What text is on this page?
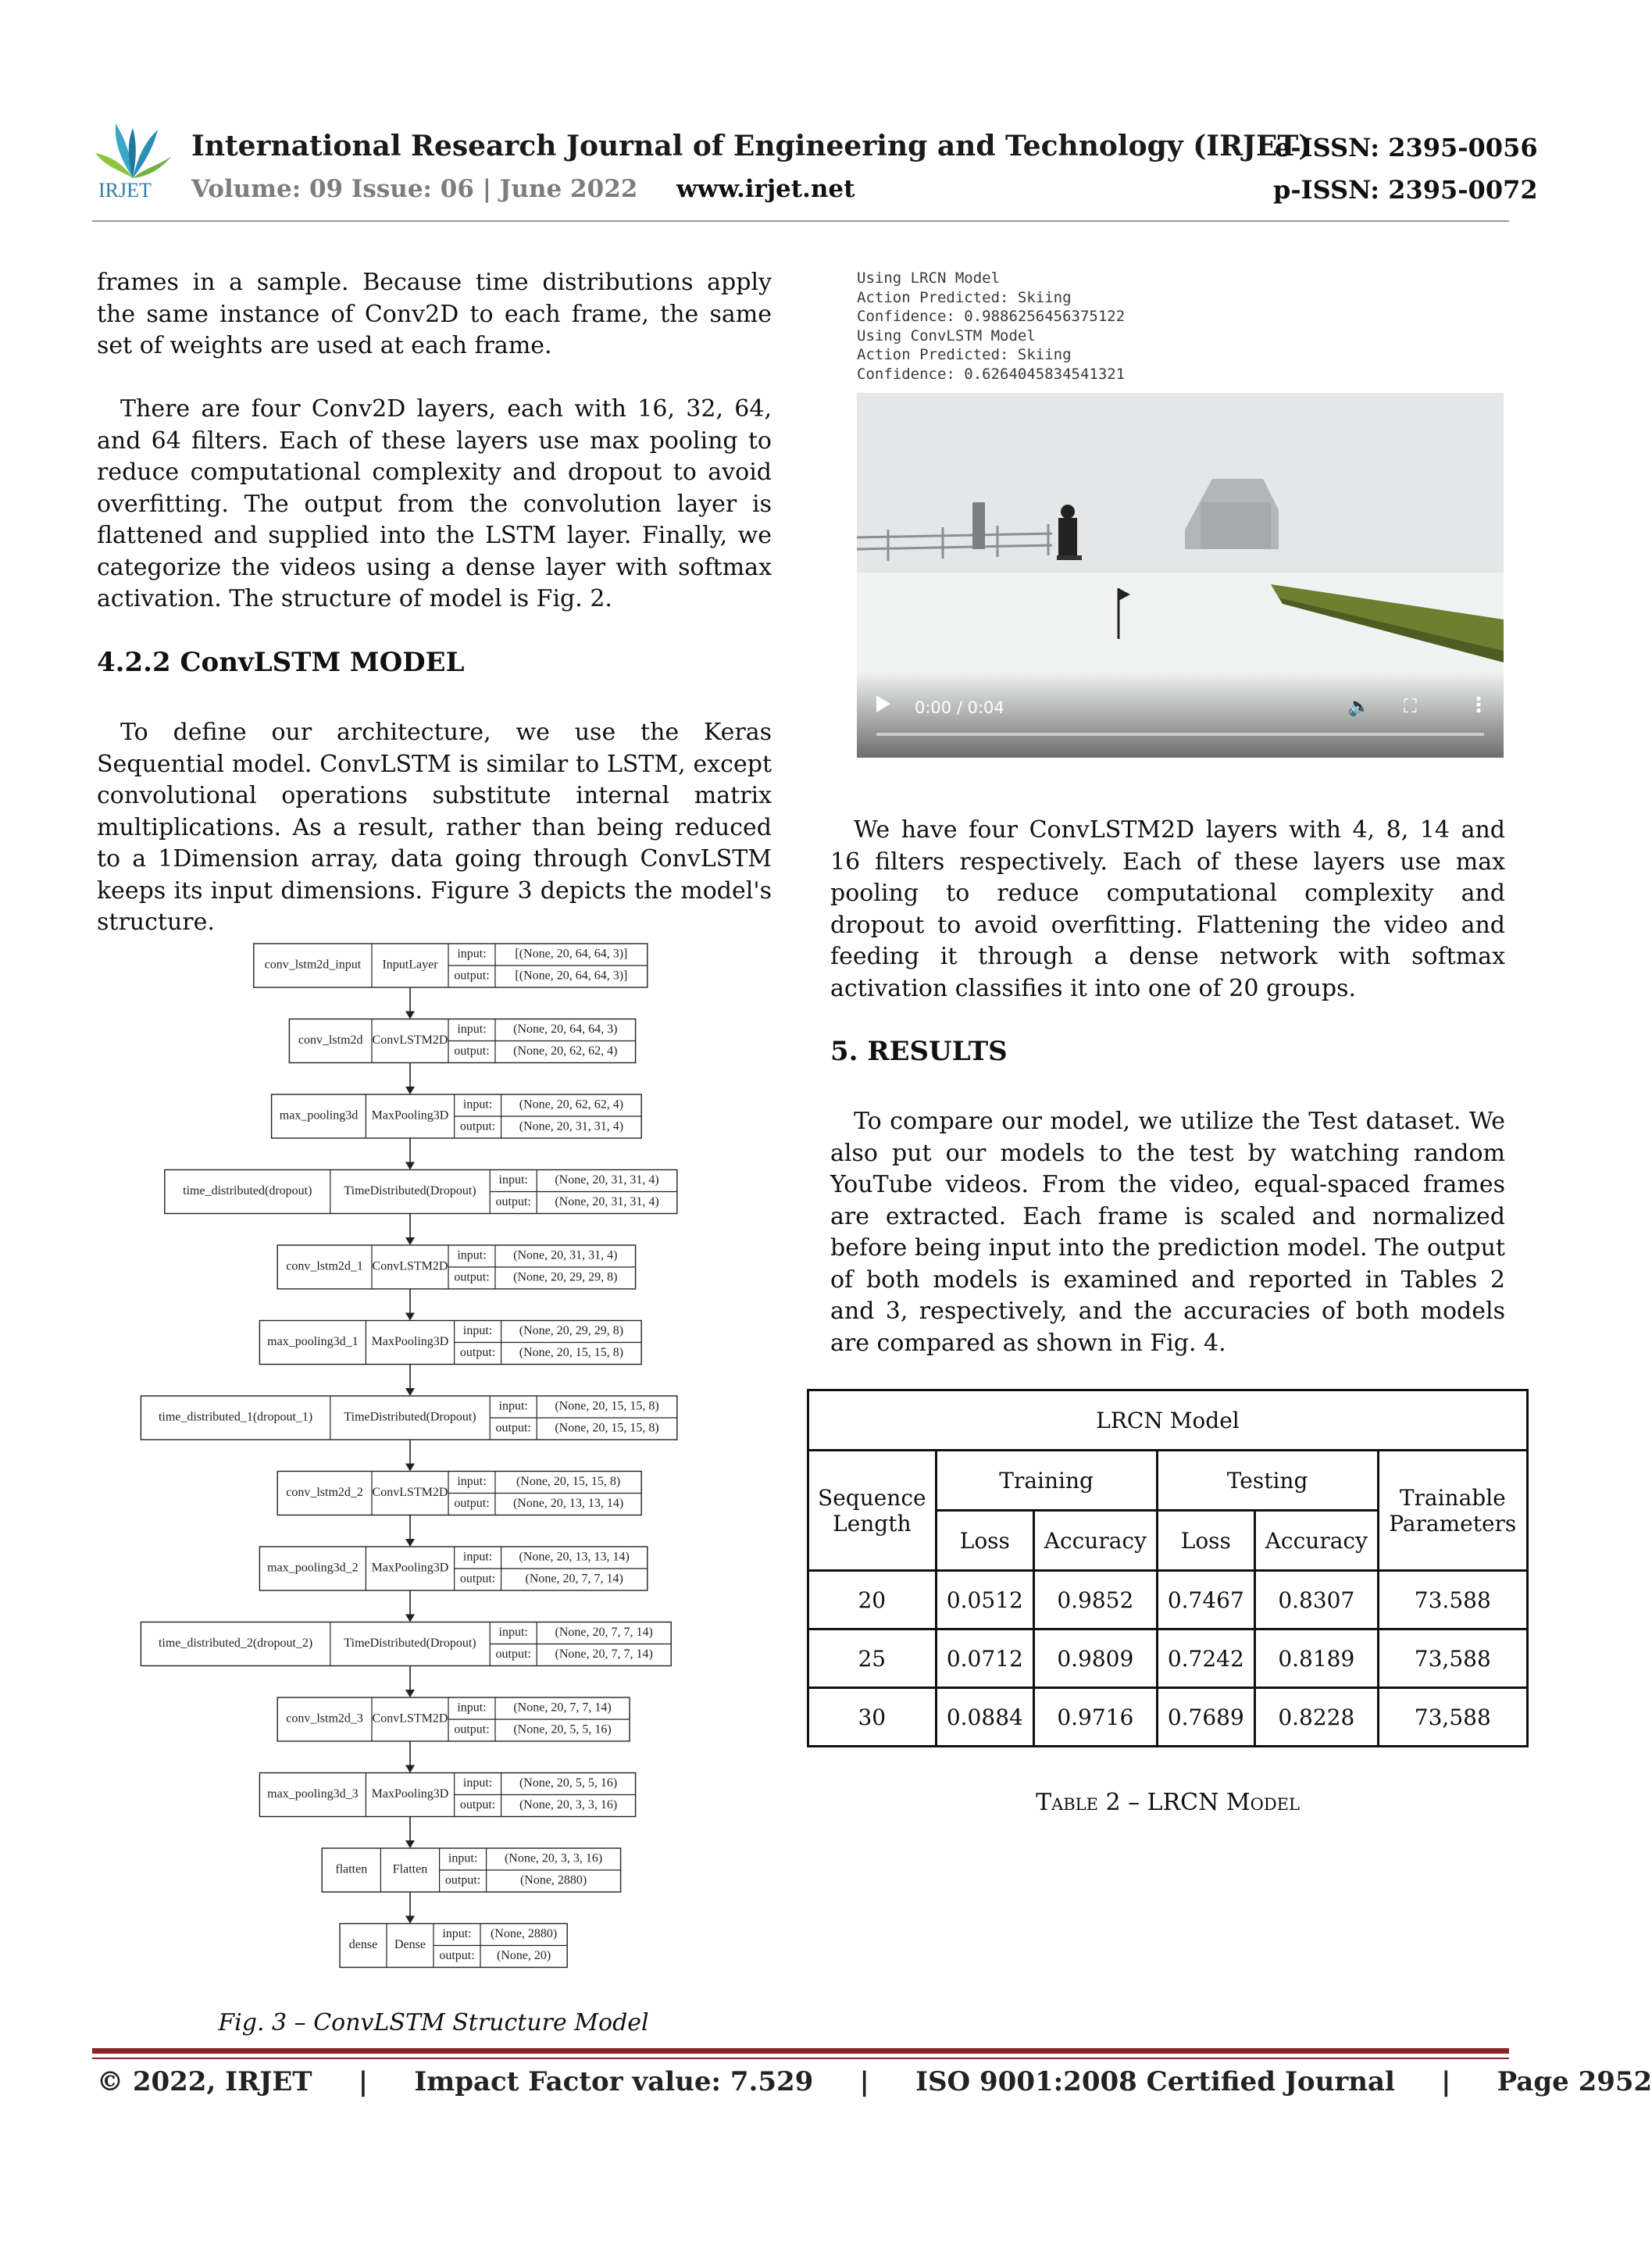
IRJET
International Research Journal of Engineering and Technology (IRJET)
e-ISSN: 2395-0056
Volume: 09 Issue: 06 | June 2022 www.irjet.net	p-ISSN: 2395-0072

frames in a sample. Because time distributions apply the same instance of Conv2D to each frame, the same set of weights are used at each frame.

There are four Conv2D layers, each with 16, 32, 64, and 64 filters. Each of these layers use max pooling to reduce computational complexity and dropout to avoid overfitting. The output from the convolution layer is flattened and supplied into the LSTM layer. Finally, we categorize the videos using a dense layer with softmax activation. The structure of model is Fig. 2.

4.2.2 ConvLSTM MODEL

To define our architecture, we use the Keras Sequential model. ConvLSTM is similar to LSTM, except convolutional operations substitute internal matrix multiplications. As a result, rather than being reduced to a 1Dimension array, data going through ConvLSTM keeps its input dimensions. Figure 3 depicts the model's structure.

conv_lstm2d_input InputLayer
input:
output:
[(None, 20, 64, 64, 3)]
[(None, 20, 64, 64, 3)]
conv_lstm2d ConvLSTM2D
input:
output:
(None, 20, 64, 64, 3)
(None, 20, 62, 62, 4)
max_pooling3d MaxPooling3D
input:
output:
(None, 20, 62, 62, 4)
(None, 20, 31, 31, 4)
time_distributed(dropout)	TimeDistributed(Dropout)
input:
output:
(None, 20, 31, 31, 4)
(None, 20, 31, 31, 4)
conv_lstm2d_1 ConvLSTM2D
input:
output:
(None, 20, 31, 31, 4)
(None, 20, 29, 29, 8)
max_pooling3d_1 MaxPooling3D
input:
output:
(None, 20, 29, 29, 8)
(None, 20, 15, 15, 8)
time_distributed_1(dropout_1)	TimeDistributed(Dropout)
input:
output:
(None, 20, 15, 15, 8)
(None, 20, 15, 15, 8)
conv_lstm2d_2 ConvLSTM2D
input:
output:
(None, 20, 15, 15, 8)
(None, 20, 13, 13, 14)
max_pooling3d_2 MaxPooling3D
input:
output:
(None, 20, 13, 13, 14)
(None, 20, 7, 7, 14)
time_distributed_2(dropout_2)	TimeDistributed(Dropout)
input:
output:
(None, 20, 7, 7, 14)
(None, 20, 7, 7, 14)
conv_lstm2d_3 ConvLSTM2D
input:
output:
(None, 20, 7, 7, 14)
(None, 20, 5, 5, 16)
max_pooling3d_3 MaxPooling3D
input:
output:
(None, 20, 5, 5, 16)
(None, 20, 3, 3, 16)
flatten Flatten
input:
output:
(None, 20, 3, 3, 16)
(None, 2880)
dense Dense
input:
output:
(None, 2880)
(None, 20)
Fig. 3 – ConvLSTM Structure Model
Using LRCN Model
Action Predicted: Skiing
Confidence: 0.9886256456375122
Using ConvLSTM Model
Action Predicted: Skiing
Confidence: 0.6264045834541321
0:00 / 0:04	🔈 ⛶	⋮

We have four ConvLSTM2D layers with 4, 8, 14 and 16 filters respectively. Each of these layers use max pooling to reduce computational complexity and dropout to avoid overfitting. Flattening the video and feeding it through a dense network with softmax activation classifies it into one of 20 groups.

5. RESULTS

To compare our model, we utilize the Test dataset. We also put our models to the test by watching random YouTube videos. From the video, equal-spaced frames are extracted. Each frame is scaled and normalized before being input into the prediction model. The output of both models is examined and reported in Tables 2 and 3, respectively, and the accuracies of both models are compared as shown in Fig. 4.

LRCN Model					
Sequence Length	Training		Testing		Trainable Parameters
	Loss	Accuracy	Loss	Accuracy	
20	0.0512	0.9852	0.7467	0.8307	73.588
25	0.0712	0.9809	0.7242	0.8189	73,588
30	0.0884	0.9716	0.7689	0.8228	73,588
Table 2 – LRCN Model
© 2022, IRJET | Impact Factor value: 7.529 | ISO 9001:2008 Certified Journal | Page 2952
